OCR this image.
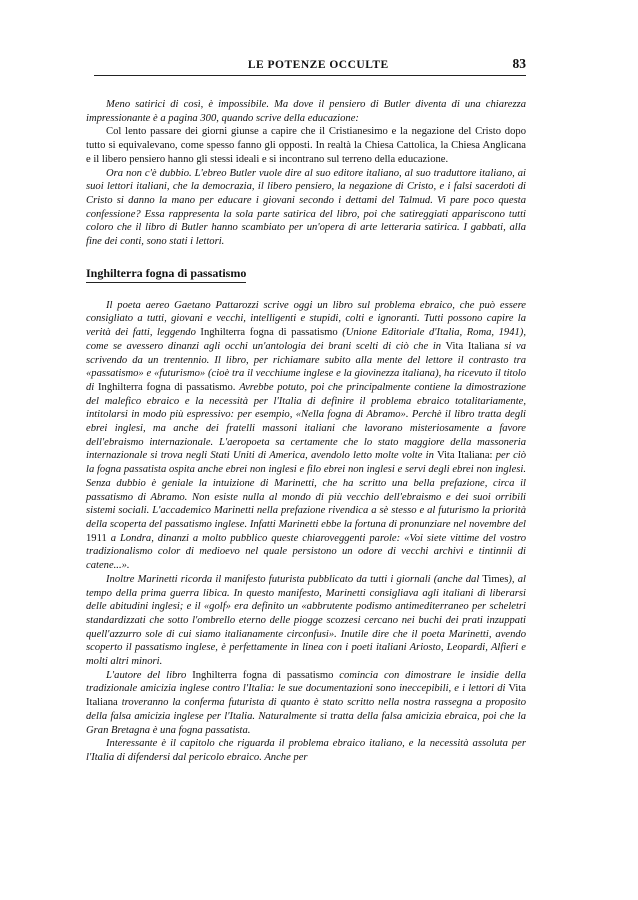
LE POTENZE OCCULTE	83

Meno satirici di così, è impossibile. Ma dove il pensiero di Butler diventa di una chiarezza impressionante è a pagina 300, quando scrive della educazione:

Col lento passare dei giorni giunse a capire che il Cristianesimo e la negazione del Cristo dopo tutto si equivalevano, come spesso fanno gli opposti. In realtà la Chiesa Cattolica, la Chiesa Anglicana e il libero pensiero hanno gli stessi ideali e si incontrano sul terreno della educazione.

Ora non c'è dubbio. L'ebreo Butler vuole dire al suo editore italiano, al suo traduttore italiano, ai suoi lettori italiani, che la democrazia, il libero pensiero, la negazione di Cristo, e i falsi sacerdoti di Cristo si danno la mano per educare i giovani secondo i dettami del Talmud. Vi pare poco questa confessione? Essa rappresenta la sola parte satirica del libro, poi che satireggiati appariscono tutti coloro che il libro di Butler hanno scambiato per un'opera di arte letteraria satirica. I gabbati, alla fine dei conti, sono stati i lettori.

Inghilterra fogna di passatismo

Il poeta aereo Gaetano Pattarozzi scrive oggi un libro sul problema ebraico, che può essere consigliato a tutti, giovani e vecchi, intelligenti e stupidi, colti e ignoranti. Tutti possono capire la verità dei fatti, leggendo Inghilterra fogna di passatismo (Unione Editoriale d'Italia, Roma, 1941), come se avessero dinanzi agli occhi un'antologia dei brani scelti di ciò che in Vita Italiana si va scrivendo da un trentennio. Il libro, per richiamare subito alla mente del lettore il contrasto tra «passatismo» e «futurismo» (cioè tra il vecchiume inglese e la giovinezza italiana), ha ricevuto il titolo di Inghilterra fogna di passatismo. Avrebbe potuto, poi che principalmente contiene la dimostrazione del malefico ebraico e la necessità per l'Italia di definire il problema ebraico totalitariamente, intitolarsi in modo più espressivo: per esempio, «Nella fogna di Abramo». Perchè il libro tratta degli ebrei inglesi, ma anche dei fratelli massoni italiani che lavorano misteriosamente a favore dell'ebraismo internazionale. L'aeropoeta sa certamente che lo stato maggiore della massoneria internazionale si trova negli Stati Uniti di America, avendolo letto molte volte in Vita Italiana: per ciò la fogna passatista ospita anche ebrei non inglesi e filo ebrei non inglesi e servi degli ebrei non inglesi. Senza dubbio è geniale la intuizione di Marinetti, che ha scritto una bella prefazione, circa il passatismo di Abramo. Non esiste nulla al mondo di più vecchio dell'ebraismo e dei suoi orribili sistemi sociali. L'accademico Marinetti nella prefazione rivendica a sè stesso e al futurismo la priorità della scoperta del passatismo inglese. Infatti Marinetti ebbe la fortuna di pronunziare nel novembre del 1911 a Londra, dinanzi a molto pubblico queste chiaroveggenti parole: «Voi siete vittime del vostro tradizionalismo color di medioevo nel quale persistono un odore di vecchi archivi e tintinnii di catene...».

Inoltre Marinetti ricorda il manifesto futurista pubblicato da tutti i giornali (anche dal Times), al tempo della prima guerra libica. In questo manifesto, Marinetti consigliava agli italiani di liberarsi delle abitudini inglesi; e il «golf» era definito un «abbrutente podismo antimediterraneo per scheletri standardizzati che sotto l'ombrello eterno delle piogge scozzesi cercano nei buchi dei prati inzuppati quell'azzurro sole di cui siamo italianamente circonfusi». Inutile dire che il poeta Marinetti, avendo scoperto il passatismo inglese, è perfettamente in linea con i poeti italiani Ariosto, Leopardi, Alfieri e molti altri minori.

L'autore del libro Inghilterra fogna di passatismo comincia con dimostrare le insidie della tradizionale amicizia inglese contro l'Italia: le sue documentazioni sono ineccepibili, e i lettori di Vita Italiana troveranno la conferma futurista di quanto è stato scritto nella nostra rassegna a proposito della falsa amicizia inglese per l'Italia. Naturalmente si tratta della falsa amicizia ebraica, poi che la Gran Bretagna è una fogna passatista.

Interessante è il capitolo che riguarda il problema ebraico italiano, e la necessità assoluta per l'Italia di difendersi dal pericolo ebraico. Anche per
